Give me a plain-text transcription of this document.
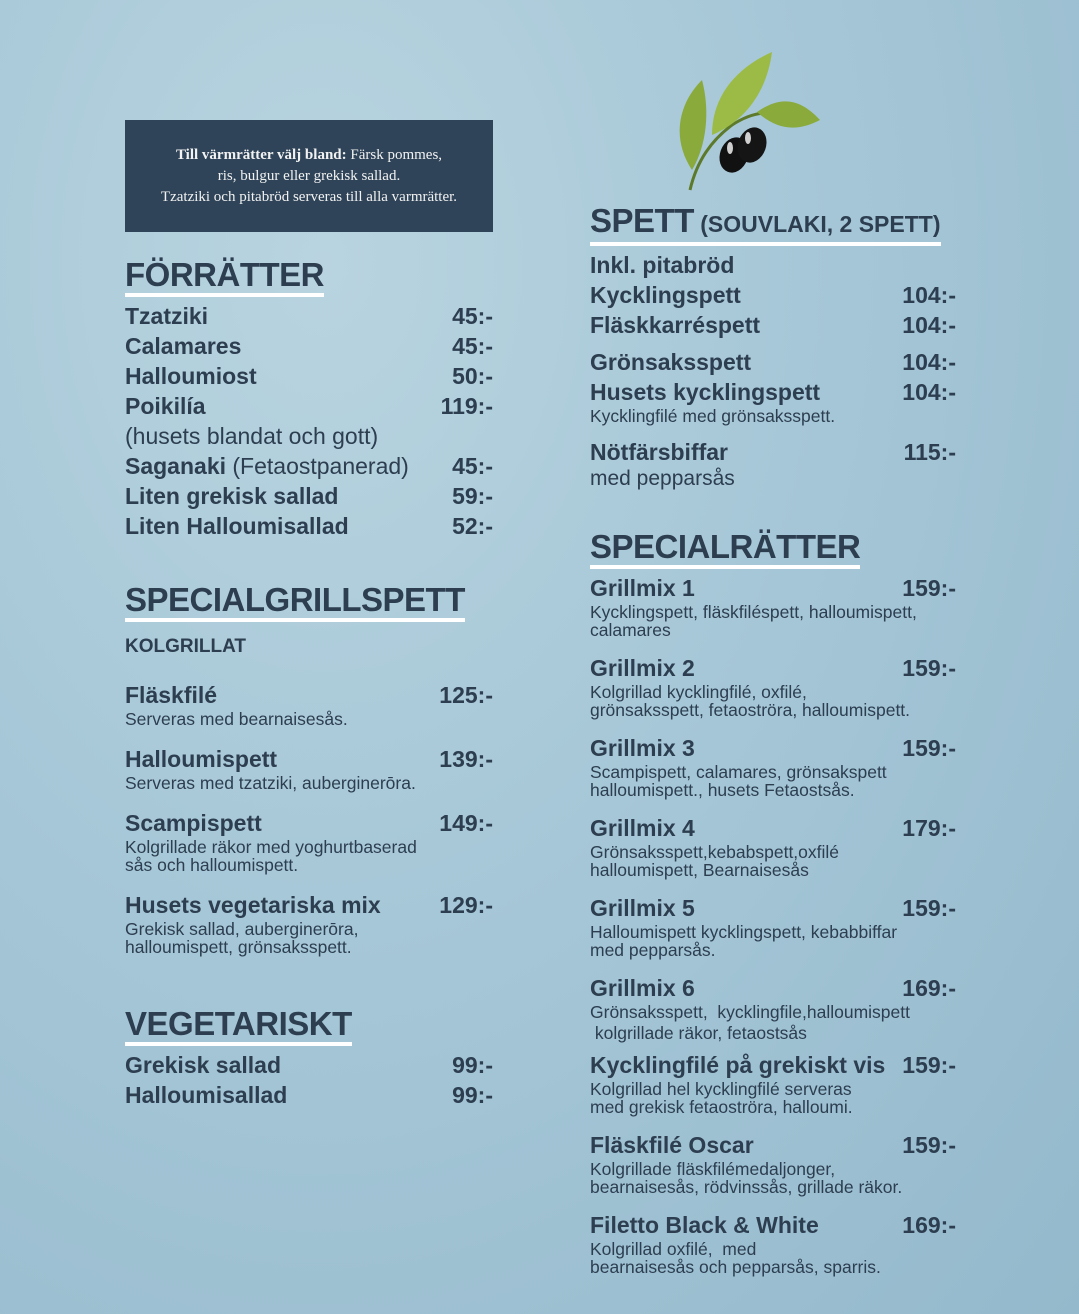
Till värmrätter välj bland: Färsk pommes,
ris, bulgur eller grekisk sallad.
Tzatziki och pitabröd serveras till alla varmrätter.
FÖRRÄTTER
Tzatziki	45:-
Calamares	45:-
Halloumiost	50:-
Poikilía	119:-
(husets blandat och gott)
Saganaki (Fetaostpanerad) 45:-
Liten grekisk sallad	59:-
Liten Halloumisallad	52:-
SPECIALGRILLSPETT
KOLGRILLAT
Fläskfilé	125:-
Serveras med bearnaisesås.
Halloumispett	139:-
Serveras med tzatziki, auberginerōra.
Scampispett	149:-
Kolgrillade räkor med yoghurtbaserad
sås och halloumispett.
Husets vegetariska mix	129:-
Grekisk sallad, auberginerōra,
halloumispett, grönsaksspett.
VEGETARISKT
Grekisk sallad	99:-
Halloumisallad	99:-
SPETT (SOUVLAKI, 2 SPETT)
Inkl. pitabröd
Kycklingspett	104:-
Fläskkarréspett	104:-
Grönsaksspett	104:-
Husets kycklingspett	104:-
Kycklingfilé med grönsaksspett.
Nötfärsbiffar	115:-
med pepparsås
SPECIALRÄTTER
Grillmix 1	159:-
Kycklingspett, fläskfiléspett, halloumispett,
calamares
Grillmix 2	159:-
Kolgrillad kycklingfilé, oxfilé,
grönsaksspett, fetaoströra, halloumispett.
Grillmix 3	159:-
Scampispett, calamares, grönsakspett
halloumispett., husets Fetaostsås.
Grillmix 4	179:-
Grönsaksspett,kebabspett,oxfilé
halloumispett, Bearnaisesås
Grillmix 5	159:-
Halloumispett kycklingspett, kebabbiffar
med pepparsås.
Grillmix 6	169:-
Grönsaksspett,  kycklingfile,halloumispett
kolgrillade räkor, fetaostsås
Kycklingfilé på grekiskt vis 159:-
Kolgrillad hel kycklingfilé serveras
med grekisk fetaoströra, halloumi.
Fläskfilé Oscar	159:-
Kolgrillade fläskfilémedaljonger,
bearnaisesås, rödvinssås, grillade räkor.
Filetto Black & White	169:-
Kolgrillad oxfilé,  med
bearnaisesås och pepparsås, sparris.
